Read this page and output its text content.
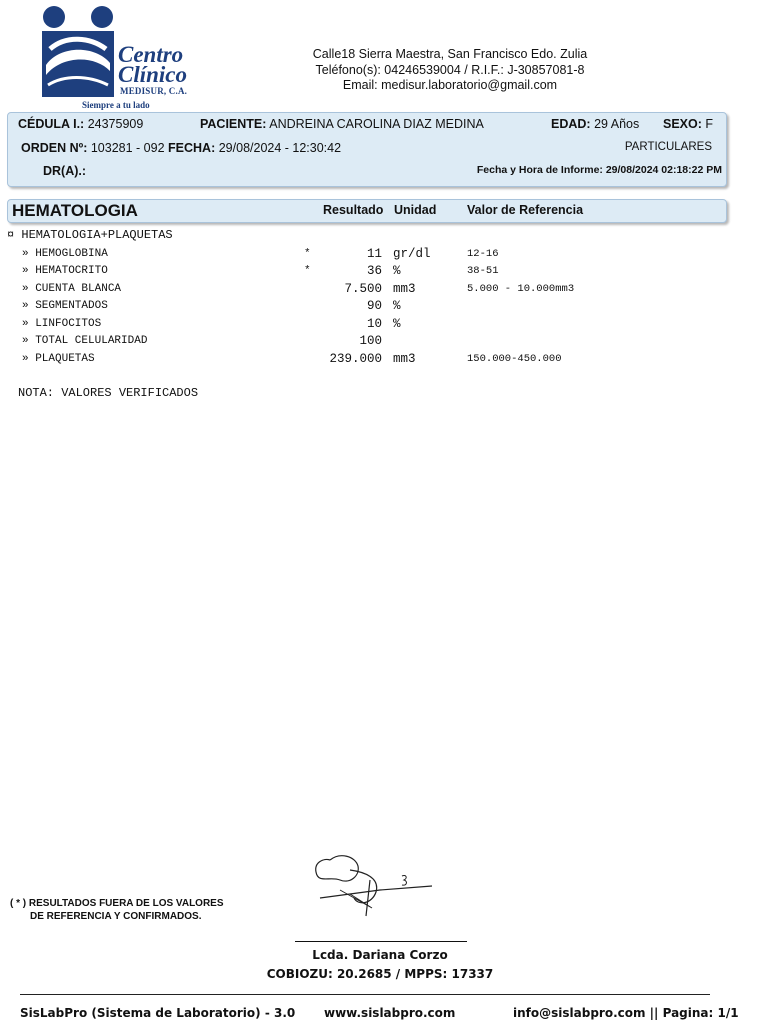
Centro
Clínico
MEDISUR, C.A.
Siempre a tu lado
Calle18 Sierra Maestra, San Francisco Edo. Zulia
Teléfono(s): 04246539004 / R.I.F.: J-30857081-8
Email: medisur.laboratorio@gmail.com
CÉDULA I.: 24375909	PACIENTE: ANDREINA CAROLINA DIAZ MEDINA	EDAD: 29 Años SEXO: F
ORDEN Nº: 103281 - 092 FECHA: 29/08/2024 - 12:30:42	PARTICULARES
DR(A).:	Fecha y Hora de Informe: 29/08/2024 02:18:22 PM
HEMATOLOGIA	Resultado Unidad Valor de Referencia
¤ HEMATOLOGIA+PLAQUETAS
» HEMOGLOBINA	*	11 gr/dl	12-16
» HEMATOCRITO	*	36 %	38-51
» CUENTA BLANCA	7.500 mm3	5.000 - 10.000mm3
» SEGMENTADOS	90 %
» LINFOCITOS	10 %
» TOTAL CELULARIDAD	100
» PLAQUETAS	239.000 mm3	150.000-450.000
NOTA: VALORES VERIFICADOS
( * ) RESULTADOS FUERA DE LOS VALORES
DE REFERENCIA Y CONFIRMADOS.
Lcda. Dariana Corzo
COBIOZU: 20.2685 / MPPS: 17337
SisLabPro (Sistema de Laboratorio) - 3.0 www.sislabpro.com	info@sislabpro.com || Pagina: 1/1
